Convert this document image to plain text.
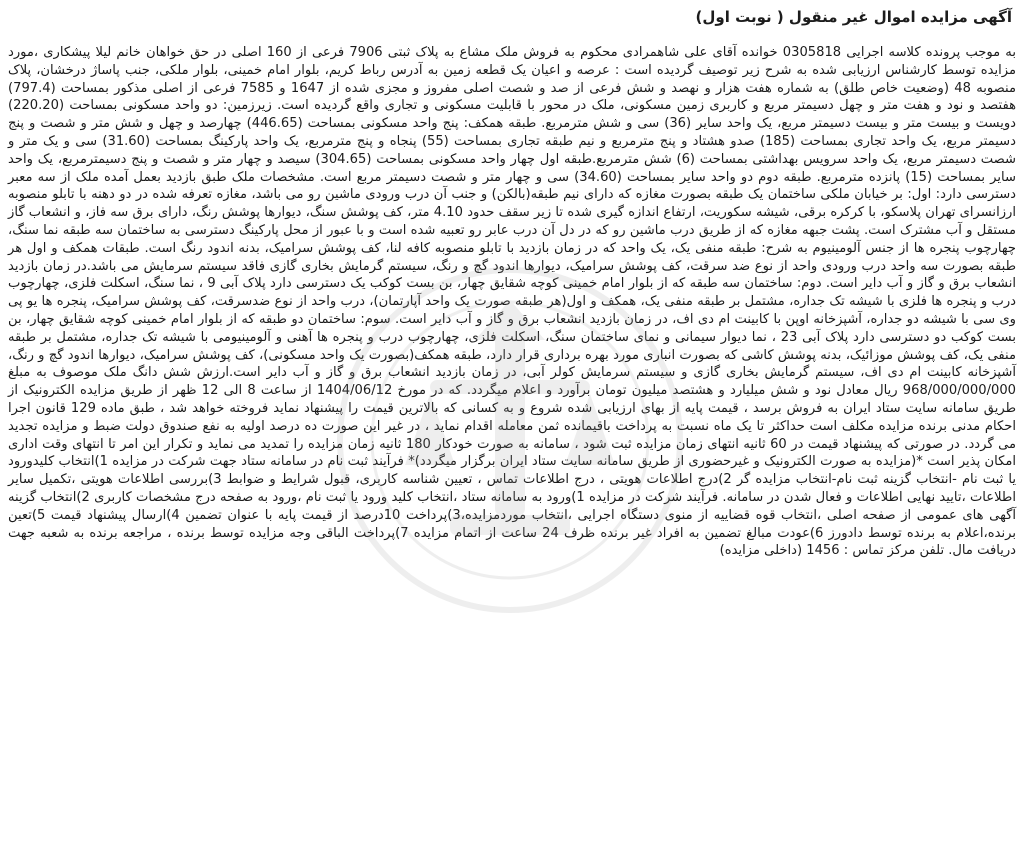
آگهی مزایده اموال غیر منقول ( نوبت اول)

به موجب پرونده کلاسه اجرایی 0305818 خوانده آقای علی شاهمرادی محکوم به فروش ملک مشاع به پلاک ثبتی 7906 فرعی از 160 اصلی در حق خواهان خانم لیلا پیشکاری ،مورد مزایده توسط کارشناس ارزیابی شده به شرح زیر توصیف گردیده است : عرصه و اعیان یک قطعه زمین به آدرس رباط کریم، بلوار امام خمینی، بلوار ملکی، جنب پاساژ درخشان، پلاک منصوبه 48 (وضعیت خاص طلق) به شماره هفت هزار و نهصد و شش فرعی از صد و شصت اصلی مفروز و مجزی شده از 1647 و 7585 فرعی از اصلی مذکور بمساحت (797.4) هفتصد و نود و هفت متر و چهل دسیمتر مربع و کاربری زمین مسکونی، ملک در محور با قابلیت مسکونی و تجاری واقع گردیده است. زیرزمین: دو واحد مسکونی بمساحت (220.20) دویست و بیست متر و بیست دسیمتر مربع، یک واحد سایر (36) سی و شش مترمربع. طبقه همکف: پنج واحد مسکونی بمساحت (446.65) چهارصد و چهل و شش متر و شصت و پنج دسیمتر مربع، یک واحد تجاری بمساحت (185) صدو هشتاد و پنج مترمربع و نیم طبقه تجاری بمساحت (55) پنجاه و پنج مترمربع، یک واحد پارکینگ بمساحت (31.60) سی و یک متر و شصت دسیمتر مربع، یک واحد سرویس بهداشتی بمساحت (6) شش مترمربع.طبقه اول چهار واحد مسکونی بمساحت (304.65) سیصد و چهار متر و شصت و پنج دسیمترمربع، یک واحد سایر بمساحت (15) پانزده مترمربع. طبقه دوم دو واحد سایر بمساحت (34.60) سی و چهار متر و شصت دسیمتر مربع است. مشخصات ملک طبق بازدید بعمل آمده ملک از سه معبر دسترسی دارد: اول: بر خیابان ملکی ساختمان یک طبقه بصورت مغازه که دارای نیم طبقه(بالکن) و جنب آن درب ورودی ماشین رو می باشد، مغازه تعرفه شده در دو دهنه با تابلو منصوبه ارزانسرای تهران پلاسکو، با کرکره برقی، شیشه سکوریت، ارتفاع اندازه گیری شده تا زیر سقف حدود 4.10 متر، کف پوشش سنگ، دیوارها پوشش رنگ، دارای برق سه فاز، و انشعاب گاز مستقل و آب مشترک است. پشت جبهه مغازه که از طریق درب ماشین رو که در دل آن درب عابر رو تعبیه شده است و با عبور از محل پارکینگ دسترسی به ساختمان سه طبقه نما سنگ، چهارچوب پنجره ها از جنس آلومینیوم به شرح: طبقه منفی یک، یک واحد که در زمان بازدید با تابلو منصوبه کافه لنا، کف پوشش سرامیک، بدنه اندود رنگ است. طبقات همکف و اول هر طبقه بصورت سه واحد درب ورودی واحد از نوع ضد سرقت، کف پوشش سرامیک، دیوارها اندود گچ و رنگ، سیستم گرمایش بخاری گازی فاقد سیستم سرمایش می باشد.در زمان بازدید انشعاب برق و گاز و آب دایر است. دوم: ساختمان سه طبقه که از بلوار امام خمینی کوچه شقایق چهار، بن بست کوکب یک دسترسی دارد پلاک آبی 9 ، نما سنگ، اسکلت فلزی، چهارچوب درب و پنجره ها فلزی با شیشه تک جداره، مشتمل بر طبقه منفی یک، همکف و اول(هر طبقه صورت یک واحد آپارتمان)، درب واحد از نوع ضدسرقت، کف پوشش سرامیک، پنجره ها یو پی وی سی با شیشه دو جداره، آشپزخانه اوپن با کابینت ام دی اف، در زمان بازدید انشعاب برق و گاز و آب دایر است. سوم: ساختمان دو طبقه که از بلوار امام خمینی کوچه شقایق چهار، بن بست کوکب دو دسترسی دارد پلاک آبی 23 ، نما دیوار سیمانی و نمای ساختمان سنگ، اسکلت فلزی، چهارچوب درب و پنجره ها آهنی و آلومینیومی با شیشه تک جداره، مشتمل بر طبقه منفی یک، کف پوشش موزائیک، بدنه پوشش کاشی که بصورت انباری مورد بهره برداری قرار دارد، طبقه همکف(بصورت یک واحد مسکونی)، کف پوشش سرامیک، دیوارها اندود گچ و رنگ، آشپزخانه کابینت ام دی اف، سیستم گرمایش بخاری گازی و سیستم سرمایش کولر آبی، در زمان بازدید انشعاب برق و گاز و آب دایر است.ارزش شش دانگ ملک موصوف به مبلغ 968/000/000/000 ریال معادل نود و شش میلیارد و هشتصد میلیون تومان برآورد و اعلام میگردد. که در مورخ 1404/06/12 از ساعت 8 الی 12 ظهر از طریق مزایده الکترونیک از طریق سامانه سایت ستاد ایران به فروش برسد ، قیمت پایه از بهای ارزیابی شده شروع و به کسانی که بالاترین قیمت را پیشنهاد نماید فروخته خواهد شد ، طبق ماده 129 قانون اجرا احکام مدنی برنده مزایده مکلف است حداکثر تا یک ماه نسبت به پرداخت باقیمانده ثمن معامله اقدام نماید ، در غیر این صورت ده درصد اولیه به نفع صندوق دولت ضبط و مزایده تجدید می گردد. در صورتی که پیشنهاد قیمت در 60 ثانیه انتهای زمان مزایده ثبت شود ، سامانه به صورت خودکار 180 ثانیه زمان مزایده را تمدید می نماید و تکرار این امر تا انتهای وقت اداری امکان پذیر است *(مزایده به صورت الکترونیک و غیرحضوری از طریق سامانه سایت ستاد ایران برگزار میگردد)* فرآیند ثبت نام در سامانه ستاد جهت شرکت در مزایده 1)انتخاب کلیدورود یا ثبت نام -انتخاب گزینه ثبت نام-انتخاب مزایده گر 2)درج اطلاعات هویتی ، درج اطلاعات تماس ، تعیین شناسه کاربری، قبول شرایط و ضوابط 3)بررسی اطلاعات هویتی ،تکمیل سایر اطلاعات ،تایید نهایی اطلاعات و فعال شدن در سامانه. فرآیند شرکت در مزایده 1)ورود به سامانه ستاد ،انتخاب کلید ورود یا ثبت نام ،ورود به صفحه درج مشخصات کاربری 2)انتخاب گزینه آگهی های عمومی از صفحه اصلی ،انتخاب قوه قضاییه از منوی دستگاه اجرایی ،انتخاب موردمزایده،3)پرداخت 10درصد از قیمت پایه با عنوان تضمین 4)ارسال پیشنهاد قیمت 5)تعین برنده،اعلام به برنده توسط دادورز 6)عودت مبالغ تضمین به افراد غیر برنده ظرف 24 ساعت از اتمام مزایده 7)پرداخت الباقی وجه مزایده توسط برنده ، مراجعه برنده به شعبه جهت دریافت مال. تلفن مرکز تماس : 1456 (داخلی مزایده)
